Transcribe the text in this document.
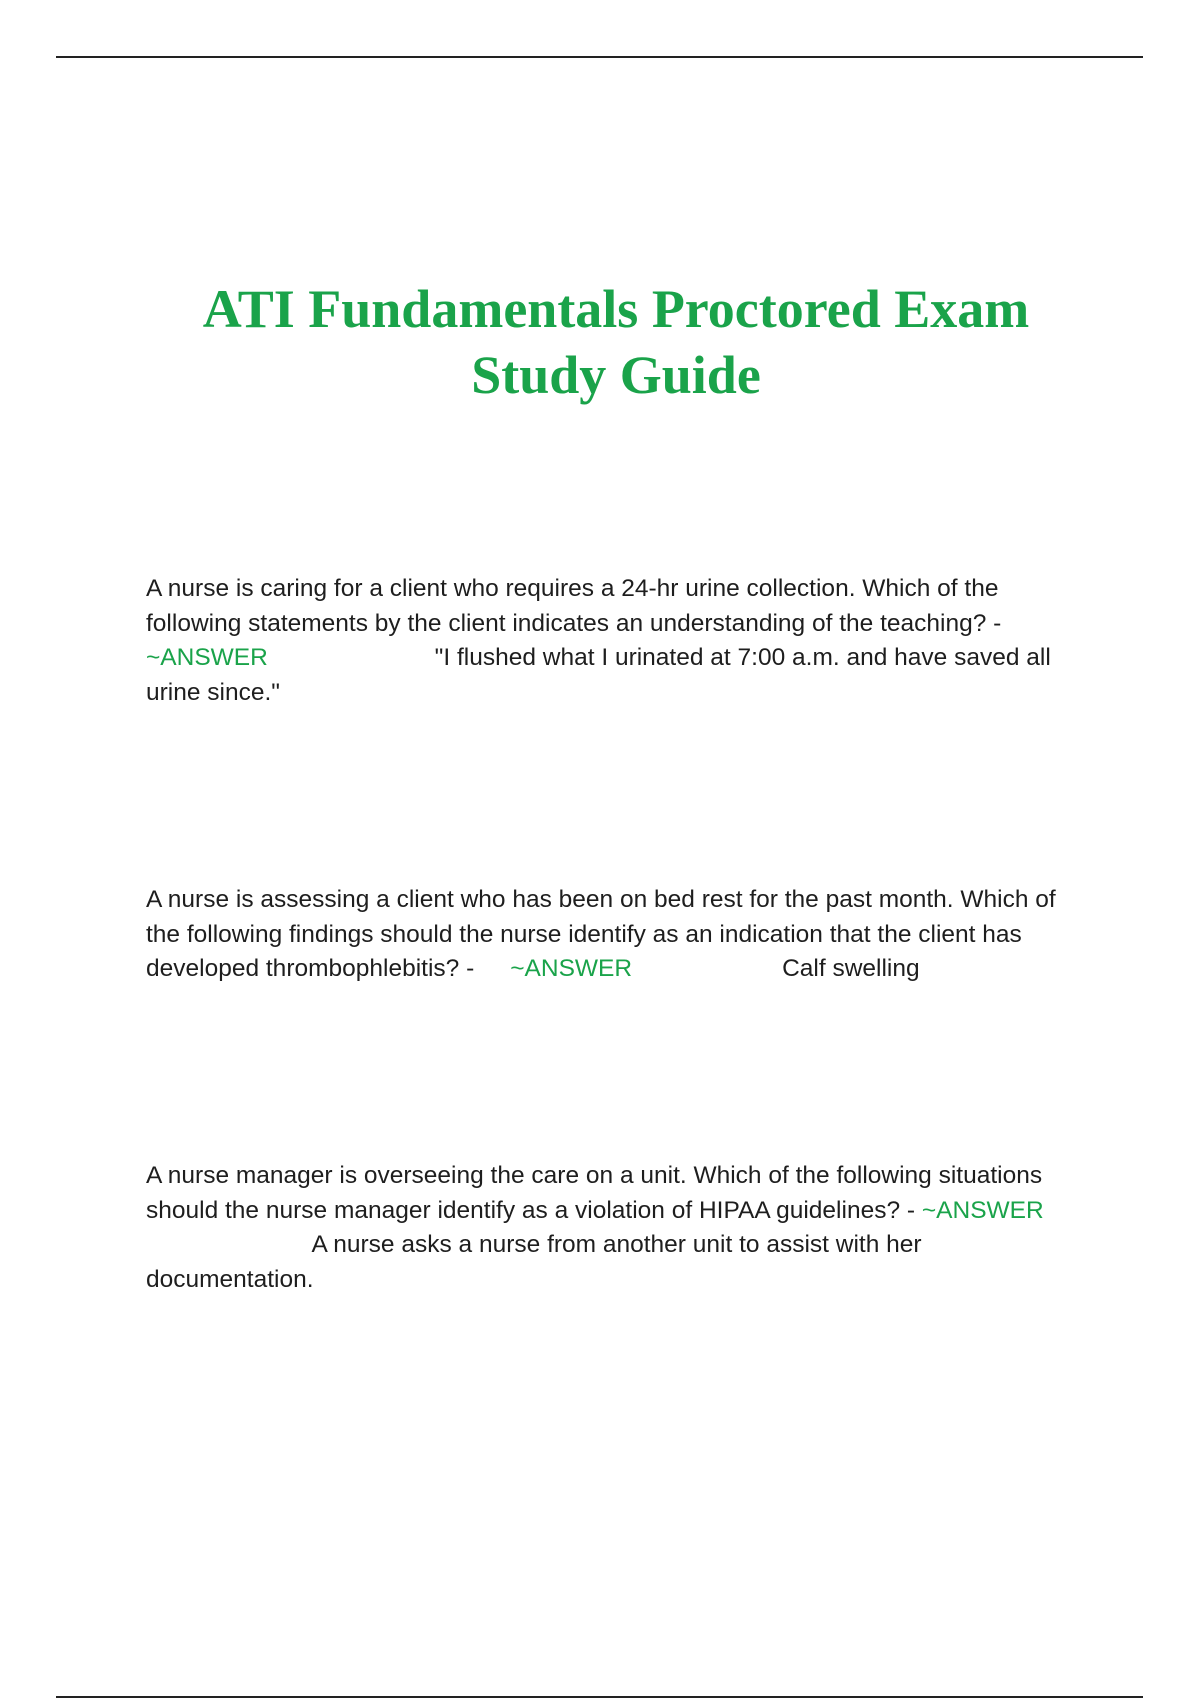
ATI Fundamentals Proctored Exam
Study Guide

A nurse is caring for a client who requires a 24-hr urine collection. Which of the following statements by the client indicates an understanding of the teaching? - ~ANSWER	"I flushed what I urinated at 7:00 a.m. and have saved all urine since."

A nurse is assessing a client who has been on bed rest for the past month. Which of the following findings should the nurse identify as an indication that the client has developed thrombophlebitis? - ~ANSWER	Calf swelling

A nurse manager is overseeing the care on a unit. Which of the following situations should the nurse manager identify as a violation of HIPAA guidelines? - ~ANSWER A nurse asks a nurse from another unit to assist with her documentation.
